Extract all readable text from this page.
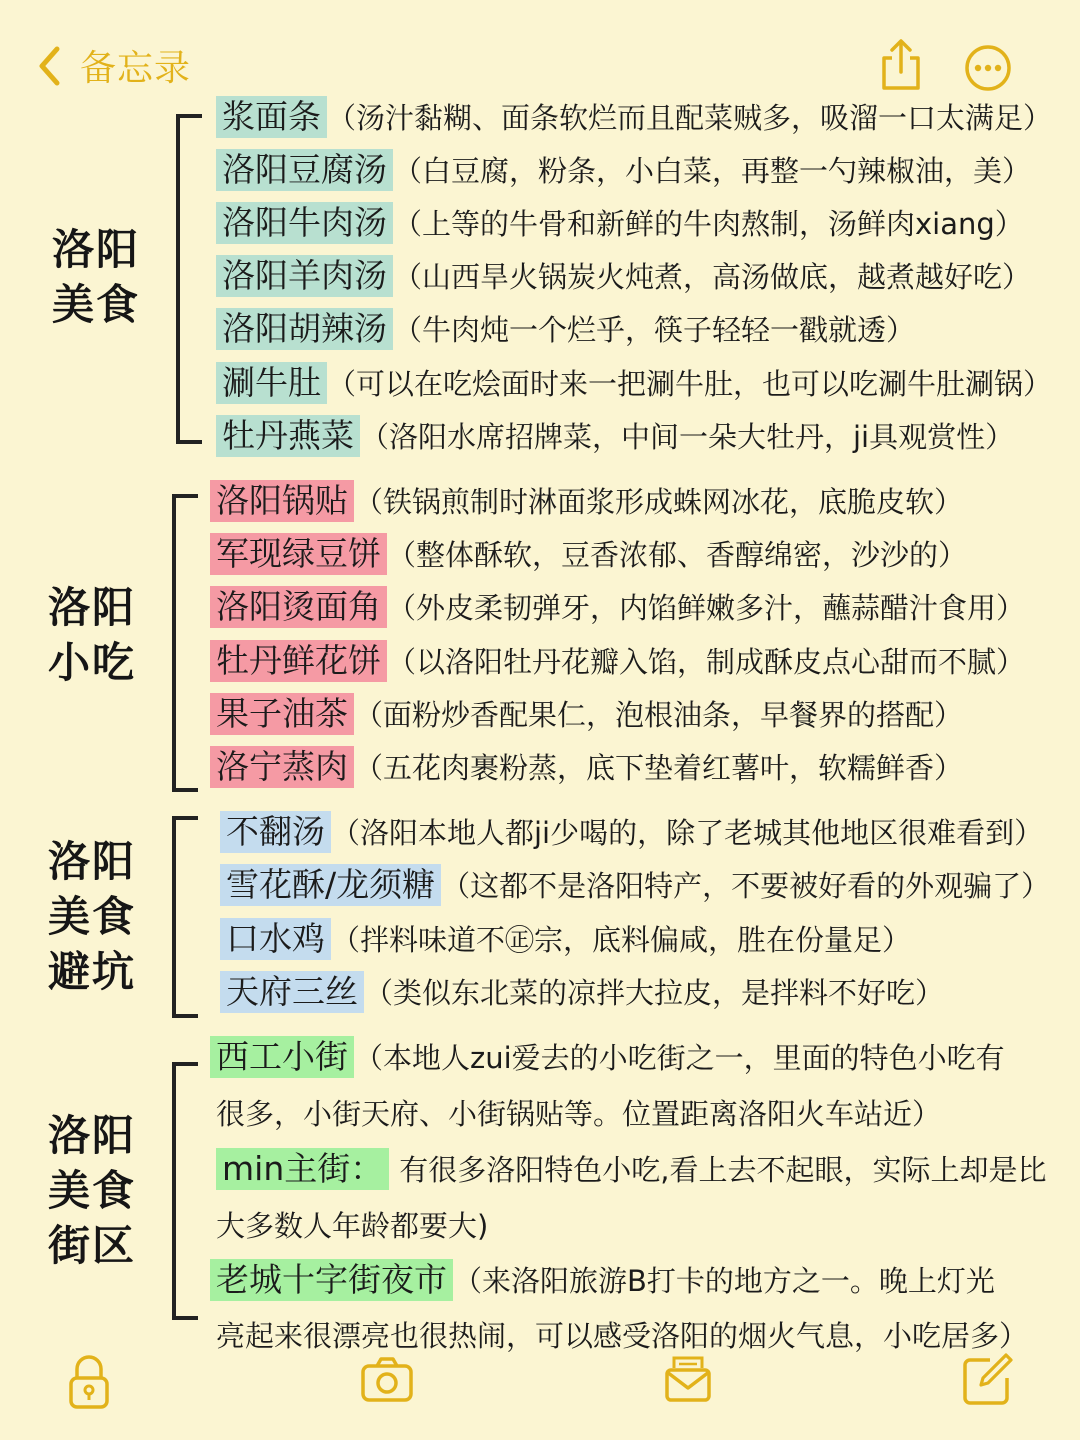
备忘录
洛阳
美食
浆面条 （汤汁黏糊、面条软烂而且配菜贼多，吸溜一口太满足）
洛阳豆腐汤 （白豆腐，粉条，小白菜，再整一勺辣椒油，美）
洛阳牛肉汤 （上等的牛骨和新鲜的牛肉熬制，汤鲜肉xiang）
洛阳羊肉汤 （山西旱火锅炭火炖煮，高汤做底，越煮越好吃）
洛阳胡辣汤 （牛肉炖一个烂乎，筷子轻轻一戳就透）
涮牛肚 （可以在吃烩面时来一把涮牛肚，也可以吃涮牛肚涮锅）
牡丹燕菜 （洛阳水席招牌菜，中间一朵大牡丹，ji具观赏性）
洛阳
小吃
洛阳锅贴 （铁锅煎制时淋面浆形成蛛网冰花，底脆皮软）
军现绿豆饼 （整体酥软，豆香浓郁、香醇绵密，沙沙的）
洛阳烫面角 （外皮柔韧弹牙，内馅鲜嫩多汁，蘸蒜醋汁食用）
牡丹鲜花饼 （以洛阳牡丹花瓣入馅，制成酥皮点心甜而不腻）
果子油茶 （面粉炒香配果仁，泡根油条，早餐界的搭配）
洛宁蒸肉 （五花肉裹粉蒸，底下垫着红薯叶，软糯鲜香）
洛阳
美食
避坑
不翻汤 （洛阳本地人都ji少喝的，除了老城其他地区很难看到）
雪花酥/龙须糖 （这都不是洛阳特产，不要被好看的外观骗了）
口水鸡 （拌料味道不㊣宗，底料偏咸，胜在份量足）
天府三丝 （类似东北菜的凉拌大拉皮，是拌料不好吃）
洛阳
美食
街区
西工小街 （本地人zui爱去的小吃街之一，里面的特色小吃有
很多，小街天府、小街锅贴等。位置距离洛阳火车站近）
min主街： 有很多洛阳特色小吃,看上去不起眼，实际上却是比
大多数人年龄都要大)
老城十字街夜市 （来洛阳旅游B打卡的地方之一。晚上灯光
亮起来很漂亮也很热闹，可以感受洛阳的烟火气息，小吃居多）
